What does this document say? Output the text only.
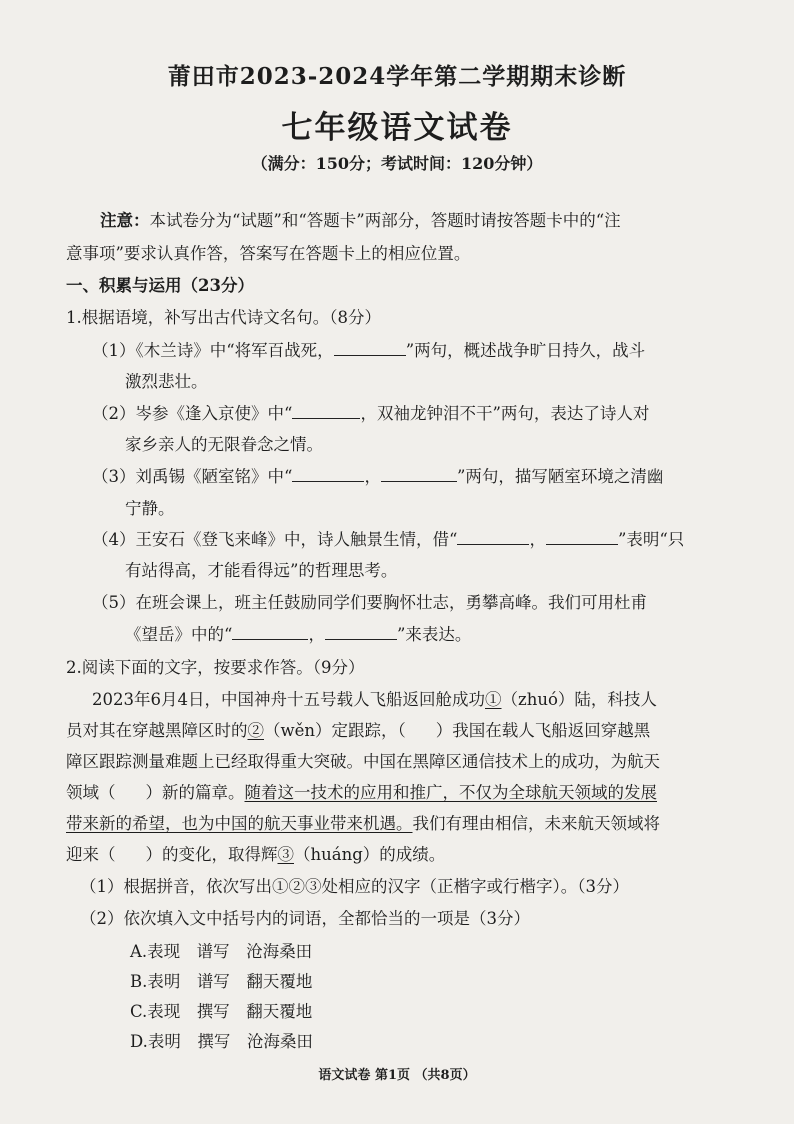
莆田市2023-2024学年第二学期期末诊断
七年级语文试卷
（满分：150分；考试时间：120分钟）
注意：本试卷分为“试题”和“答题卡”两部分，答题时请按答题卡中的“注
意事项”要求认真作答，答案写在答题卡上的相应位置。
一、积累与运用（23分）
1.根据语境，补写出古代诗文名句。（8分）
（1）《木兰诗》中“将军百战死，	”两句，概述战争旷日持久，战斗
激烈悲壮。
（2）岑参《逢入京使》中“	，双袖龙钟泪不干”两句，表达了诗人对
家乡亲人的无限眷念之情。
（3）刘禹锡《陋室铭》中“	，	”两句，描写陋室环境之清幽
宁静。
（4）王安石《登飞来峰》中，诗人触景生情，借“	，	”表明“只
有站得高，才能看得远”的哲理思考。
（5）在班会课上，班主任鼓励同学们要胸怀壮志，勇攀高峰。我们可用杜甫
《望岳》中的“	，	”来表达。
2.阅读下面的文字，按要求作答。（9分）
2023年6月4日，中国神舟十五号载人飞船返回舱成功①（zhuó）陆，科技人
员对其在穿越黑障区时的②（wěn）定跟踪，（ ）我国在载人飞船返回穿越黑
障区跟踪测量难题上已经取得重大突破。中国在黑障区通信技术上的成功，为航天
领域（ ）新的篇章。随着这一技术的应用和推广，不仅为全球航天领域的发展
带来新的希望，也为中国的航天事业带来机遇。我们有理由相信，未来航天领域将
迎来（ ）的变化，取得辉③（huáng）的成绩。
（1）根据拼音，依次写出①②③处相应的汉字（正楷字或行楷字）。（3分）
（2）依次填入文中括号内的词语，全都恰当的一项是（3分）
A.表现　谱写　沧海桑田
B.表明　谱写　翻天覆地
C.表现　撰写　翻天覆地
D.表明　撰写　沧海桑田
语文试卷 第1页 （共8页）
